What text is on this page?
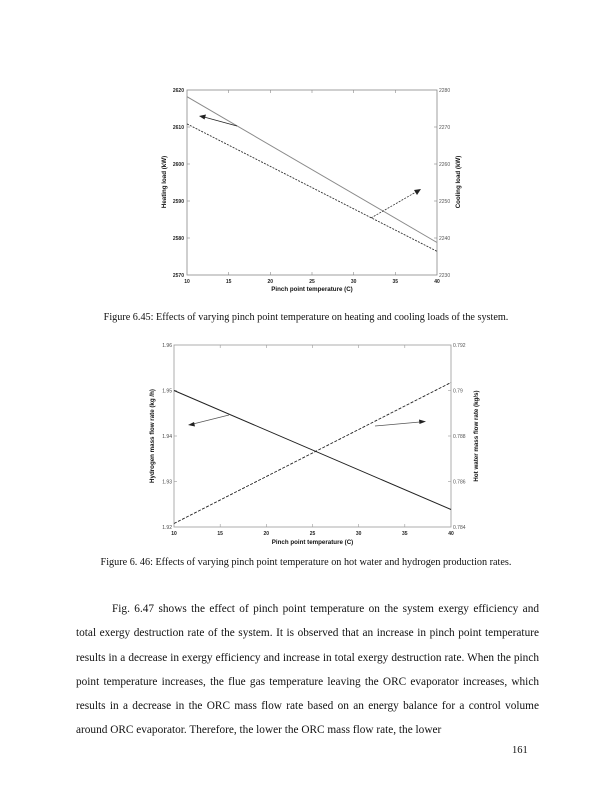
10	15	20	25	30	35	40
2570
2580
2590
2600
2610
2620
2230
2240
2250
2260
2270
2280
Pinch point temperature (C)
Heating load (kW)	Cooling load (kW)
Figure 6.45: Effects of varying pinch point temperature on heating and cooling loads of the system.
10	15	20	25	30	35	40
1.92
1.93
1.94
1.95
1.96
0.784
0.786
0.788
0.79
0.792
Pinch point temperature (C)
Hydrogen mass flow rate (kg /h)	Hot water mass flow rate (kg/s)
Figure 6. 46: Effects of varying pinch point temperature on hot water and hydrogen production rates.

Fig. 6.47 shows the effect of pinch point temperature on the system exergy efficiency and total exergy destruction rate of the system. It is observed that an increase in pinch point temperature results in a decrease in exergy efficiency and increase in total exergy destruction rate. When the pinch point temperature increases, the flue gas temperature leaving the ORC evaporator increases, which results in a decrease in the ORC mass flow rate based on an energy balance for a control volume around ORC evaporator. Therefore, the lower the ORC mass flow rate, the lower

161
